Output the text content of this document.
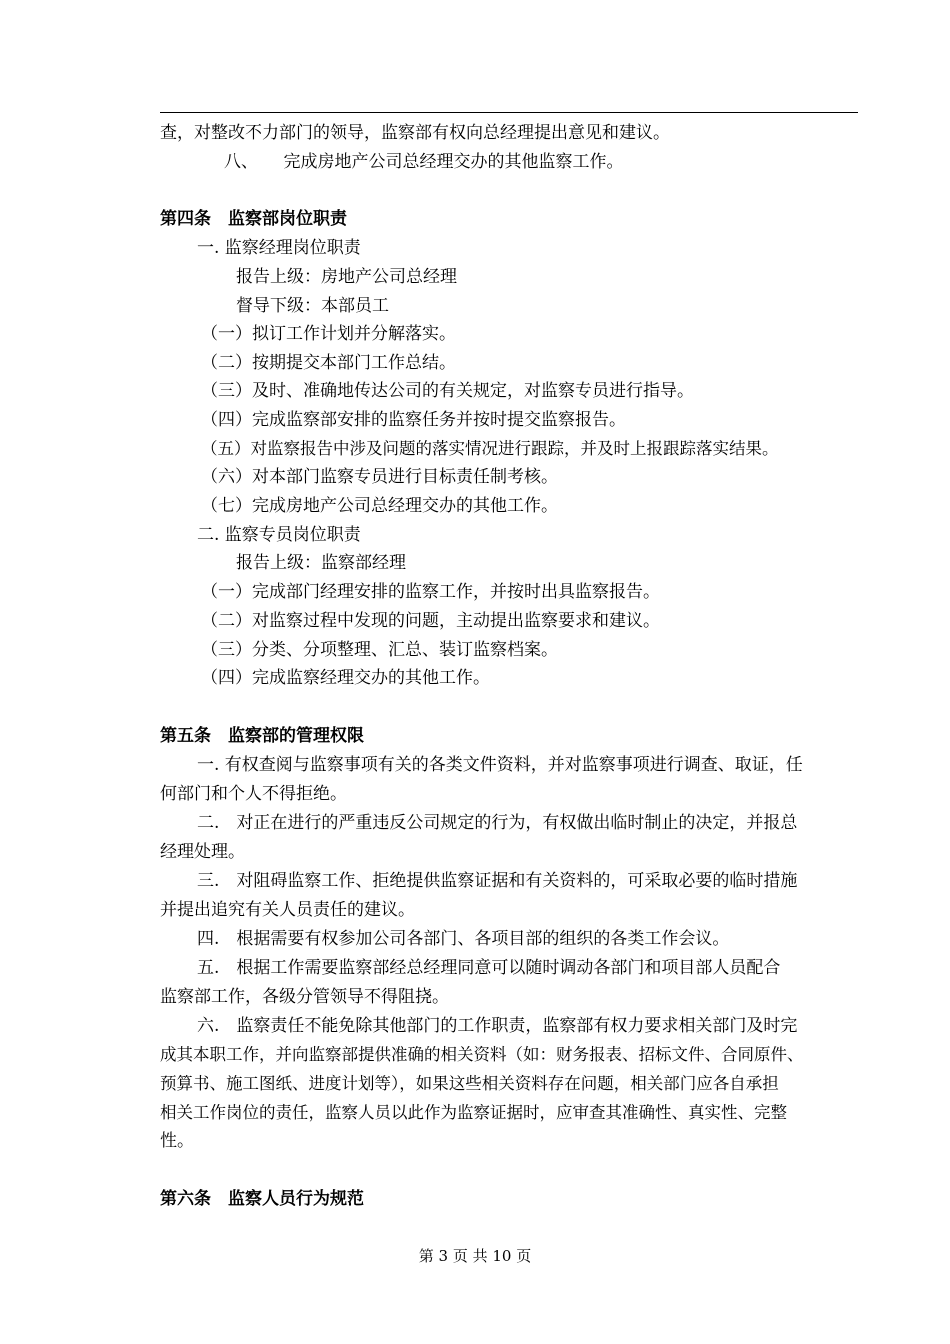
查，对整改不力部门的领导，监察部有权向总经理提出意见和建议。
八、　　完成房地产公司总经理交办的其他监察工作。
第四条　监察部岗位职责
一. 监察经理岗位职责
报告上级：房地产公司总经理
督导下级：本部员工
（一）拟订工作计划并分解落实。
（二）按期提交本部门工作总结。
（三）及时、准确地传达公司的有关规定，对监察专员进行指导。
（四）完成监察部安排的监察任务并按时提交监察报告。
（五）对监察报告中涉及问题的落实情况进行跟踪，并及时上报跟踪落实结果。
（六）对本部门监察专员进行目标责任制考核。
（七）完成房地产公司总经理交办的其他工作。
二. 监察专员岗位职责
报告上级：监察部经理
（一）完成部门经理安排的监察工作，并按时出具监察报告。
（二）对监察过程中发现的问题，主动提出监察要求和建议。
（三）分类、分项整理、汇总、装订监察档案。
（四）完成监察经理交办的其他工作。
第五条　监察部的管理权限
一. 有权查阅与监察事项有关的各类文件资料，并对监察事项进行调查、取证，任
何部门和个人不得拒绝。
二.　对正在进行的严重违反公司规定的行为，有权做出临时制止的决定，并报总
经理处理。
三.　对阻碍监察工作、拒绝提供监察证据和有关资料的，可采取必要的临时措施
并提出追究有关人员责任的建议。
四.　根据需要有权参加公司各部门、各项目部的组织的各类工作会议。
五.　根据工作需要监察部经总经理同意可以随时调动各部门和项目部人员配合
监察部工作，各级分管领导不得阻挠。
六.　监察责任不能免除其他部门的工作职责，监察部有权力要求相关部门及时完
成其本职工作，并向监察部提供准确的相关资料（如：财务报表、招标文件、合同原件、
预算书、施工图纸、进度计划等），如果这些相关资料存在问题，相关部门应各自承担
相关工作岗位的责任，监察人员以此作为监察证据时，应审查其准确性、真实性、完整
性。
第六条　监察人员行为规范
第 3 页 共 10 页
